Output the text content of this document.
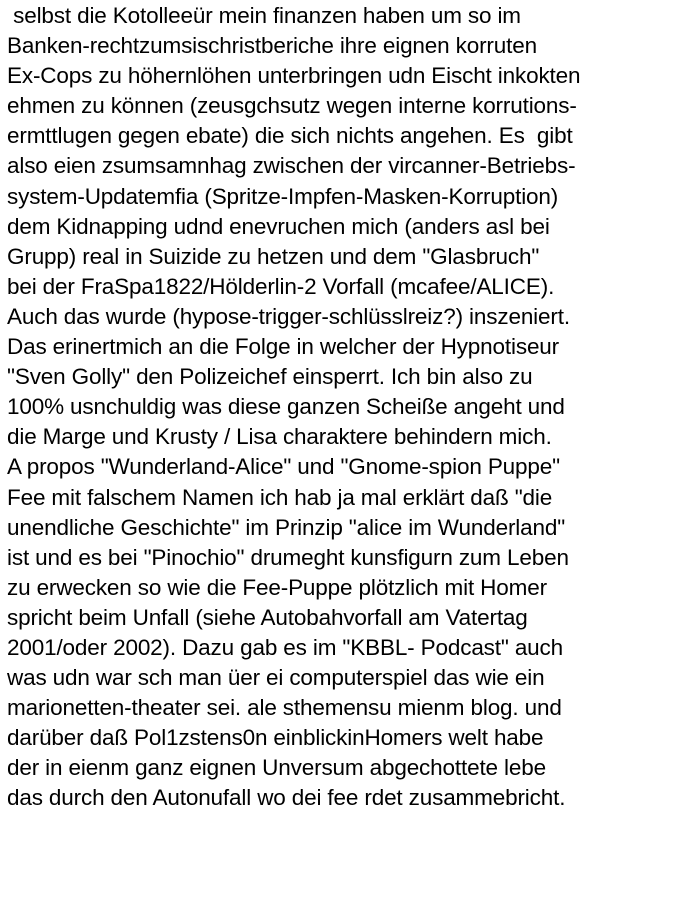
selbst die Kotolleeür mein finanzen haben um so im
Banken-rechtzumsischristberiche ihre eignen korruten
Ex-Cops zu höhernlöhen unterbringen udn Eischt inkokten
ehmen zu können (zeusgchsutz wegen interne korrutions-
ermttlugen gegen ebate) die sich nichts angehen. Es  gibt
also eien zsumsamnhag zwischen der vircanner-Betriebs-
system-Updatemfia (Spritze-Impfen-Masken-Korruption)
dem Kidnapping udnd enevruchen mich (anders asl bei
Grupp) real in Suizide zu hetzen und dem "Glasbruch"
bei der FraSpa1822/Hölderlin-2 Vorfall (mcafee/ALICE).
Auch das wurde (hypose-trigger-schlüsslreiz?) inszeniert.
Das erinertmich an die Folge in welcher der Hypnotiseur
"Sven Golly" den Polizeichef einsperrt. Ich bin also zu
100% usnchuldig was diese ganzen Scheiße angeht und
die Marge und Krusty / Lisa charaktere behindern mich.
A propos "Wunderland-Alice" und "Gnome-spion Puppe"
Fee mit falschem Namen ich hab ja mal erklärt daß "die
unendliche Geschichte" im Prinzip "alice im Wunderland"
ist und es bei "Pinochio" drumeght kunsfigurn zum Leben
zu erwecken so wie die Fee-Puppe plötzlich mit Homer
spricht beim Unfall (siehe Autobahvorfall am Vatertag
2001/oder 2002). Dazu gab es im "KBBL- Podcast" auch
was udn war sch man üer ei computerspiel das wie ein
marionetten-theater sei. ale sthemensu mienm blog. und
darüber daß Pol1zstens0n einblickinHomers welt habe
der in eienm ganz eignen Unversum abgechottete lebe
das durch den Autonufall wo dei fee rdet zusammebricht.
